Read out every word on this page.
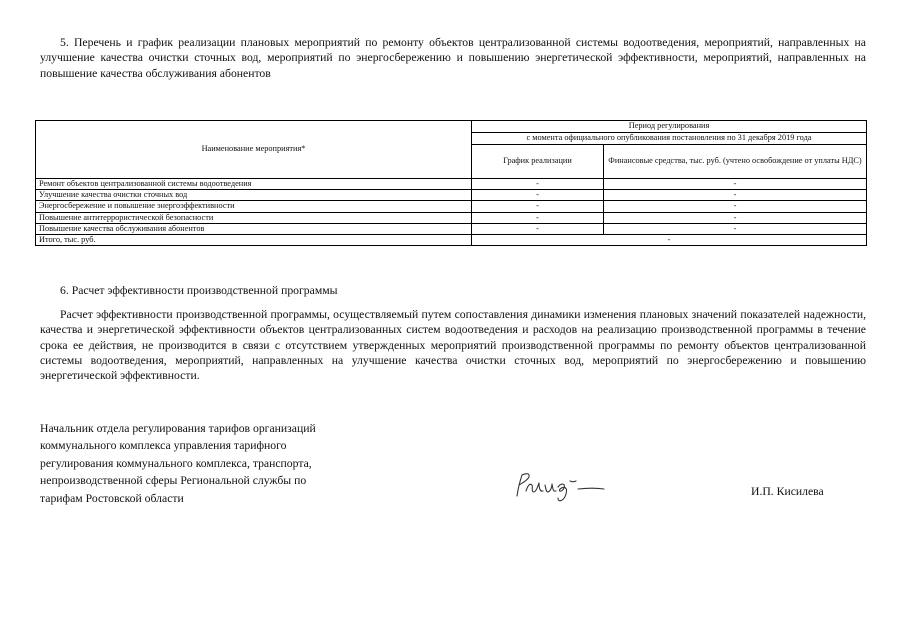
5. Перечень и график реализации плановых мероприятий по ремонту объектов централизованной системы водоотведения, мероприятий, направленных на улучшение качества очистки сточных вод, мероприятий по энергосбережению и повышению энергетической эффективности, мероприятий, направленных на повышение качества обслуживания абонентов
Наименование мероприятия*	Период регулирования	
	с момента официального опубликования постановления по 31 декабря 2019 года	
	График реализации	Финансовые средства, тыс. руб. (учтено освобождение от уплаты НДС)
Ремонт объектов централизованной системы водоотведения	-	-
Улучшение качества очистки сточных вод	-	-
Энергосбережение и повышение энергоэффективности	-	-
Повышение антитеррористической безопасности	-	-
Повышение качества обслуживания абонентов	-	-
Итого, тыс. руб.	-	
6. Расчет эффективности производственной программы
Расчет эффективности производственной программы, осуществляемый путем сопоставления динамики изменения плановых значений показателей надежности, качества и энергетической эффективности объектов централизованных систем водоотведения и расходов на реализацию производственной программы в течение срока ее действия, не производится в связи с отсутствием утвержденных мероприятий производственной программы по ремонту объектов централизованной системы водоотведения, мероприятий, направленных на улучшение качества очистки сточных вод, мероприятий по энергосбережению и повышению энергетической эффективности.
Начальник отдела регулирования тарифов организаций
коммунального комплекса управления тарифного
регулирования коммунального комплекса, транспорта,
непроизводственной сферы Региональной службы по
тарифам Ростовской области
И.П. Кисилева
